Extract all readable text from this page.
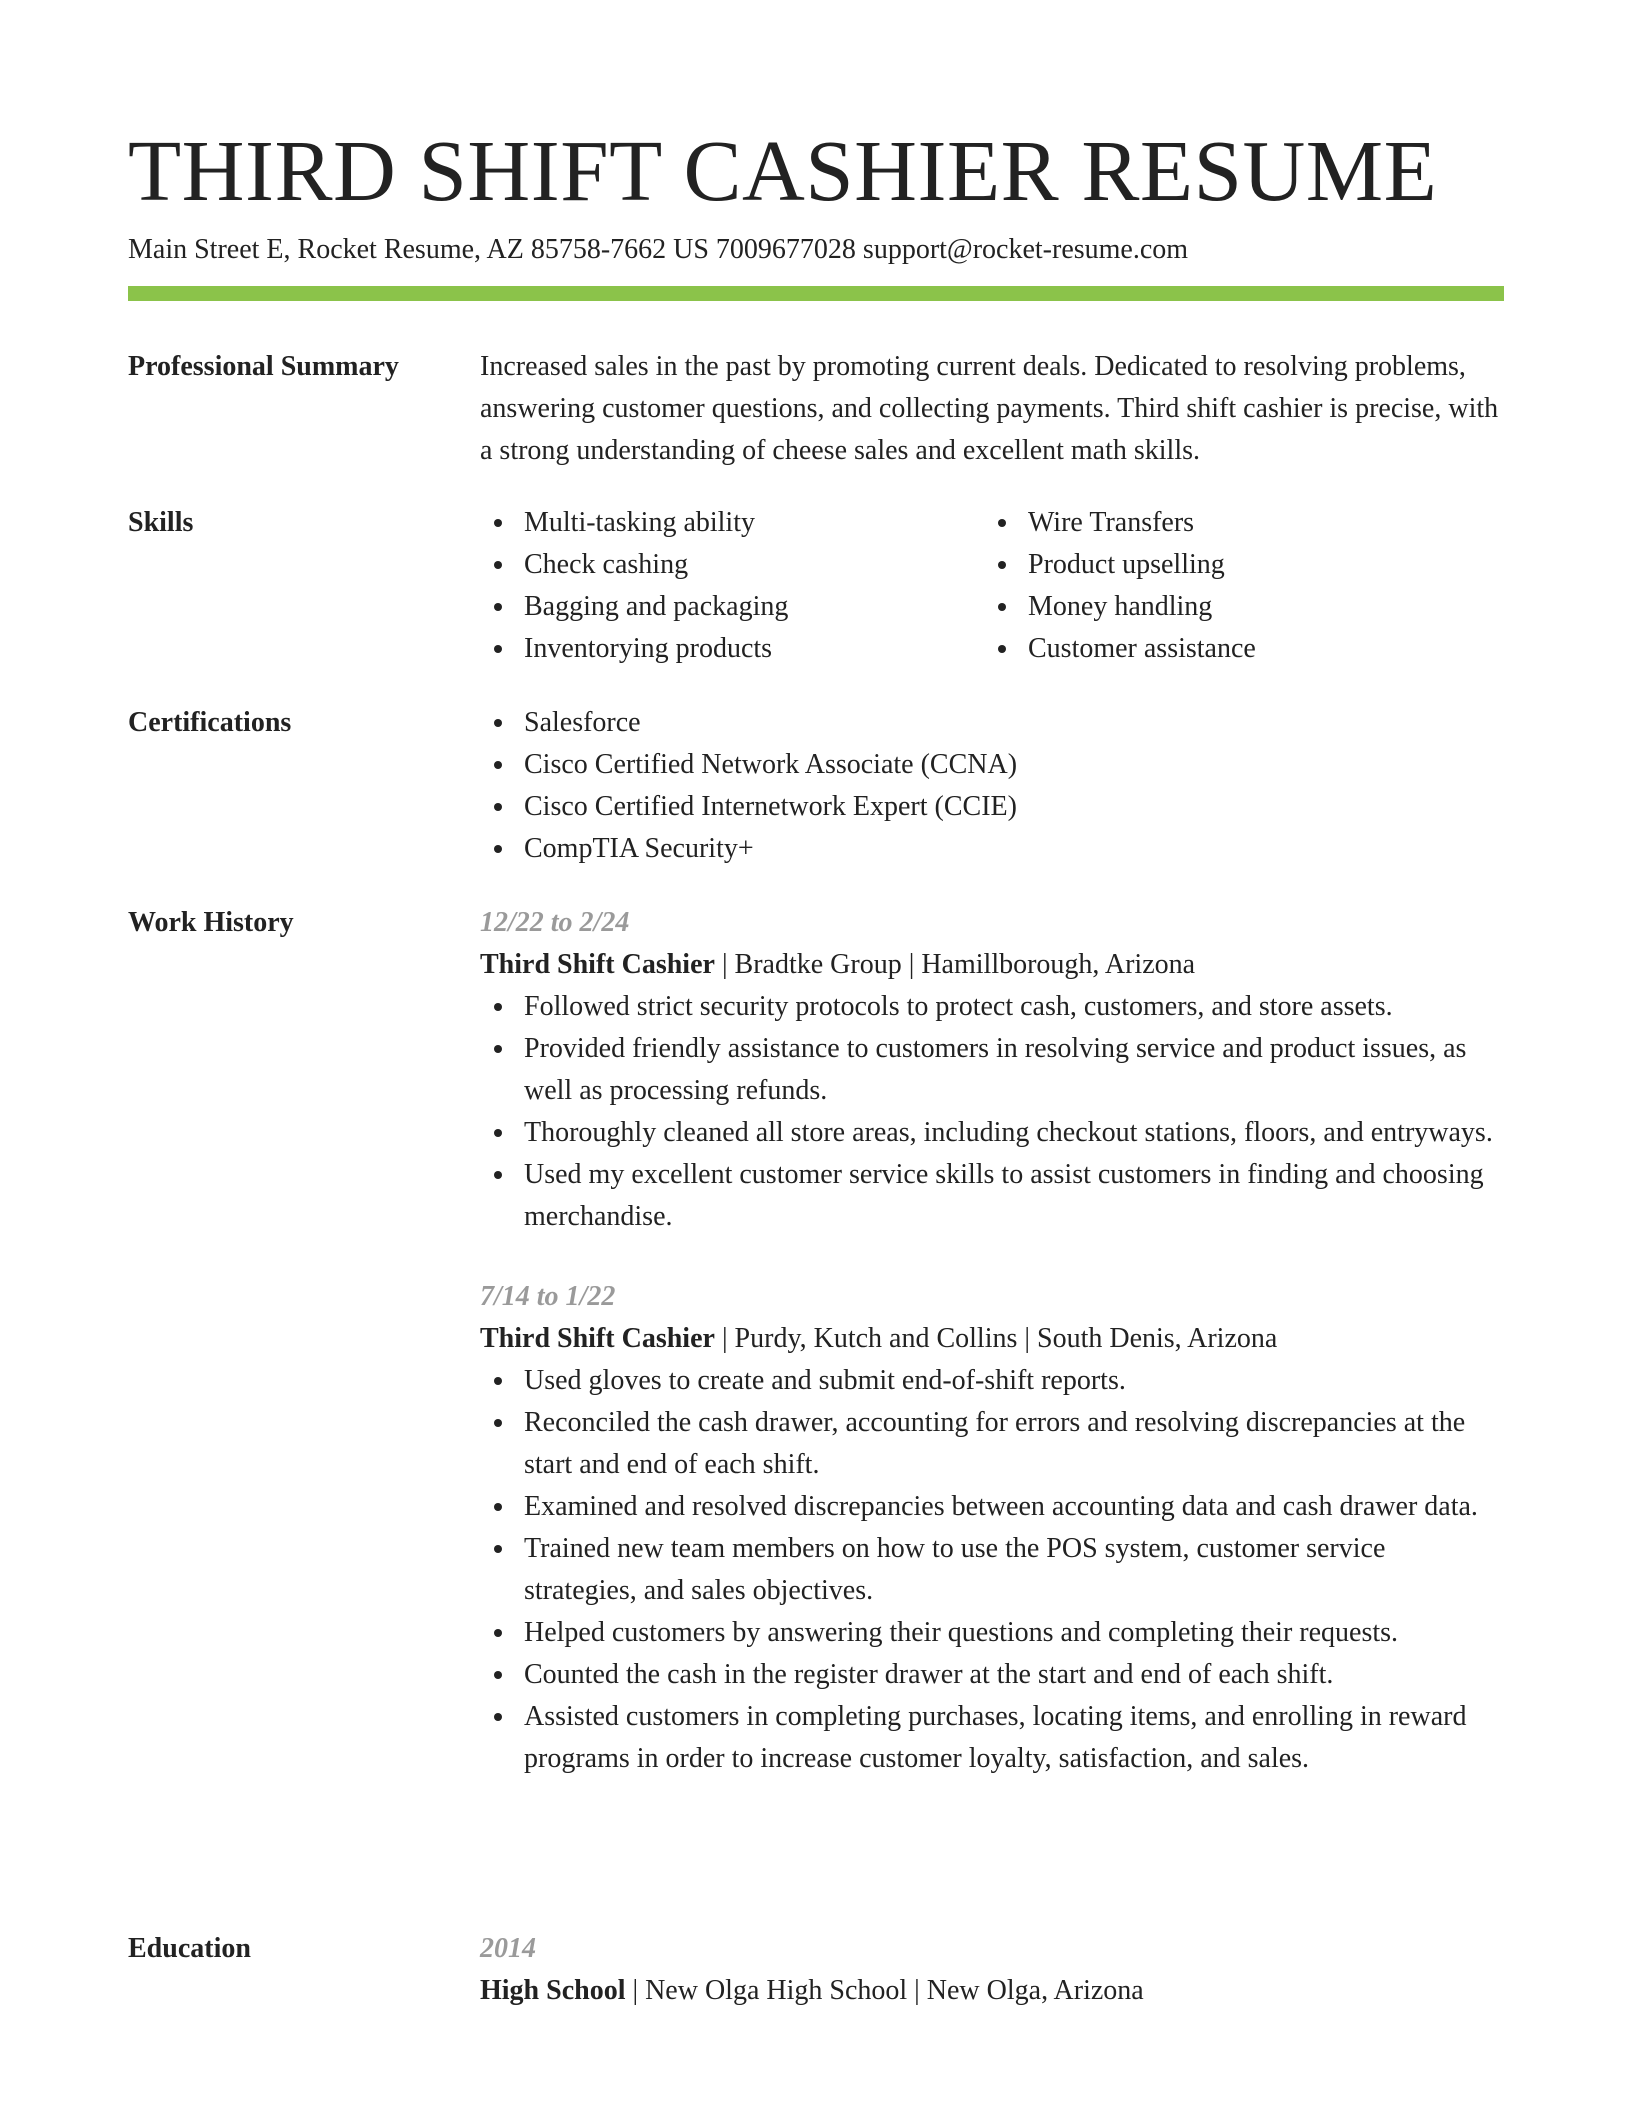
THIRD SHIFT CASHIER RESUME

Main Street E, Rocket Resume, AZ 85758-7662 US 7009677028 support@rocket-resume.com

Professional Summary	Increased sales in the past by promoting current deals. Dedicated to resolving problems, answering customer questions, and collecting payments. Third shift cashier is precise, with a strong understanding of cheese sales and excellent math skills.

Skills	Multi-tasking ability
Check cashing
Bagging and packaging
Inventorying products
Wire Transfers
Product upselling
Money handling
Customer assistance
Certifications	Salesforce
Cisco Certified Network Associate (CCNA)
Cisco Certified Internetwork Expert (CCIE)
CompTIA Security+
Work History	12/22 to 2/24

Third Shift Cashier | Bradtke Group | Hamillborough, Arizona

Followed strict security protocols to protect cash, customers, and store assets.
Provided friendly assistance to customers in resolving service and product issues, as well as processing refunds.
Thoroughly cleaned all store areas, including checkout stations, floors, and entryways.
Used my excellent customer service skills to assist customers in finding and choosing merchandise.

7/14 to 1/22

Third Shift Cashier | Purdy, Kutch and Collins | South Denis, Arizona

Used gloves to create and submit end-of-shift reports.
Reconciled the cash drawer, accounting for errors and resolving discrepancies at the start and end of each shift.
Examined and resolved discrepancies between accounting data and cash drawer data.
Trained new team members on how to use the POS system, customer service strategies, and sales objectives.
Helped customers by answering their questions and completing their requests.
Counted the cash in the register drawer at the start and end of each shift.
Assisted customers in completing purchases, locating items, and enrolling in reward programs in order to increase customer loyalty, satisfaction, and sales.
Education	2014

High School | New Olga High School | New Olga, Arizona
